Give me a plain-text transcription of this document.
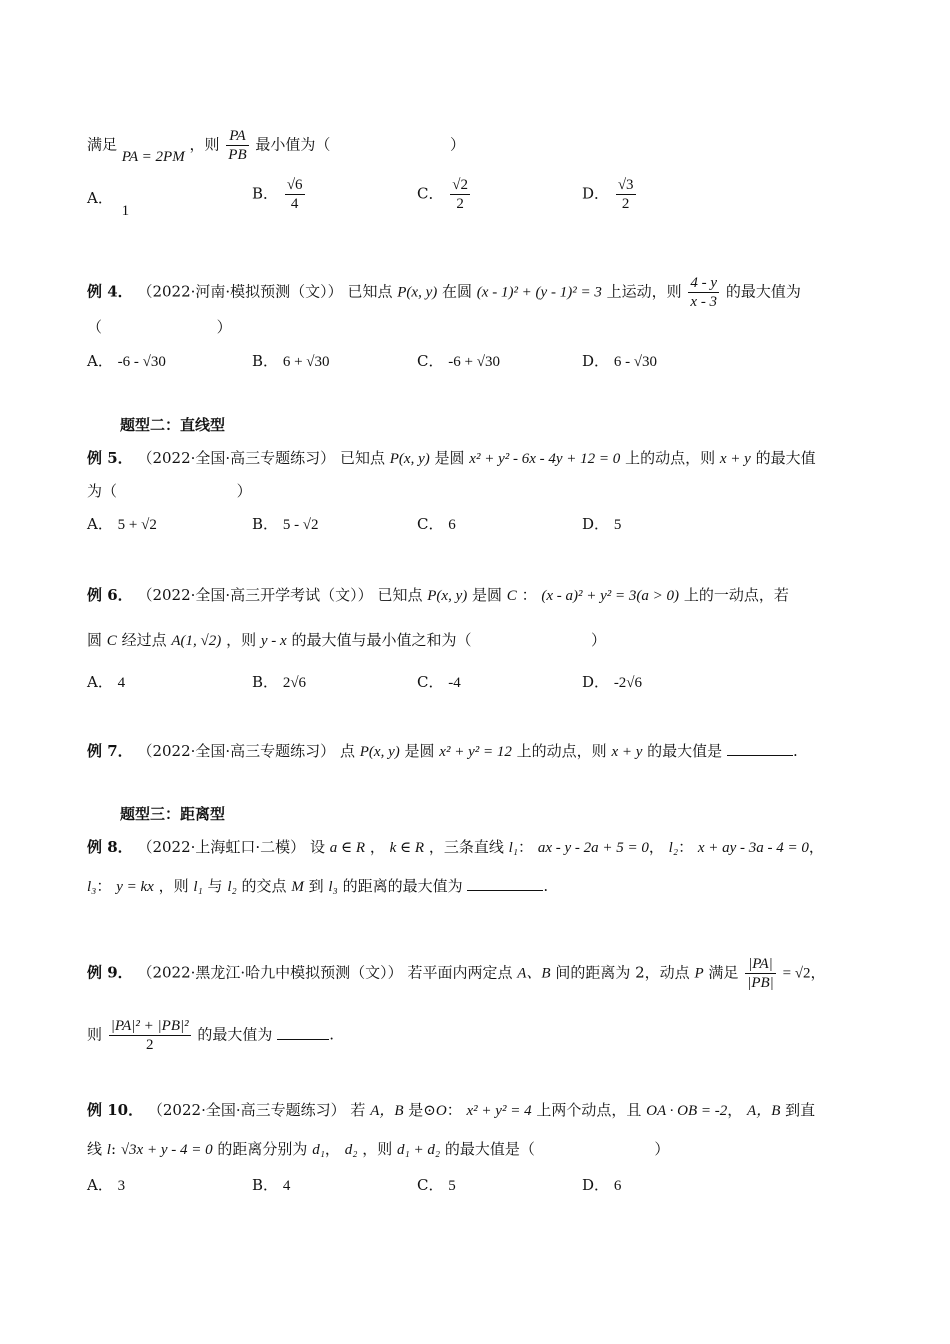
满足 PA = 2PM ，则 $\frac{PA}{PB}$ 最小值为（	）
A． 1
B． $\frac{√6}{4}$	C． $\frac{√2}{2}$	D． $\frac{√3}{2}$
例 4． （2022·河南·模拟预测（文）） 已知点 P(x, y) 在圆 (x - 1)² + (y - 1)² = 3 上运动，则 $\frac{4 - y}{x - 3}$ 的最大值为
（	）
A． -6 - √30	B． 6 + √30	C． -6 + √30	D． 6 - √30
题型二：直线型
例 5． （2022·全国·高三专题练习） 已知点 P(x, y) 是圆 x² + y² - 6x - 4y + 12 = 0 上的动点，则 x + y 的最大值
为（	）
A． 5 + √2	B． 5 - √2	C． 6	D． 5
例 6． （2022·全国·高三开学考试（文）） 已知点 P(x, y) 是圆 C ： (x - a)² + y² = 3(a > 0) 上的一动点，若
圆 C 经过点 A(1, √2) ，则 y - x 的最大值与最小值之和为（	）
A． 4	B． 2√6	C． -4	D． -2√6
例 7． （2022·全国·高三专题练习） 点 P(x, y) 是圆 x² + y² = 12 上的动点，则 x + y 的最大值是	.
题型三：距离型
例 8． （2022·上海虹口·二模） 设 a ∈ R ， k ∈ R ，三条直线 l₁： ax - y - 2a + 5 = 0， l₂： x + ay - 3a - 4 = 0，
l₃： y = kx ，则 l₁ 与 l₂ 的交点 M 到 l₃ 的距离的最大值为	.
例 9． （2022·黑龙江·哈九中模拟预测（文）） 若平面内两定点 A、B 间的距离为 2，动点 P 满足 $\frac{|PA|}{|PB|} = √2$，
则 $\frac{\text{|PA|² + |PB|²}}{2}$ 的最大值为	.
例 10． （2022·全国·高三专题练习） 若 A，B 是⊙O： x² + y² = 4 上两个动点，且 OA · OB = -2， A，B 到直
线 l: √3x + y - 4 = 0 的距离分别为 d₁， d₂ ，则 d₁ + d₂ 的最大值是（	）
A． 3	B． 4	C． 5	D． 6
